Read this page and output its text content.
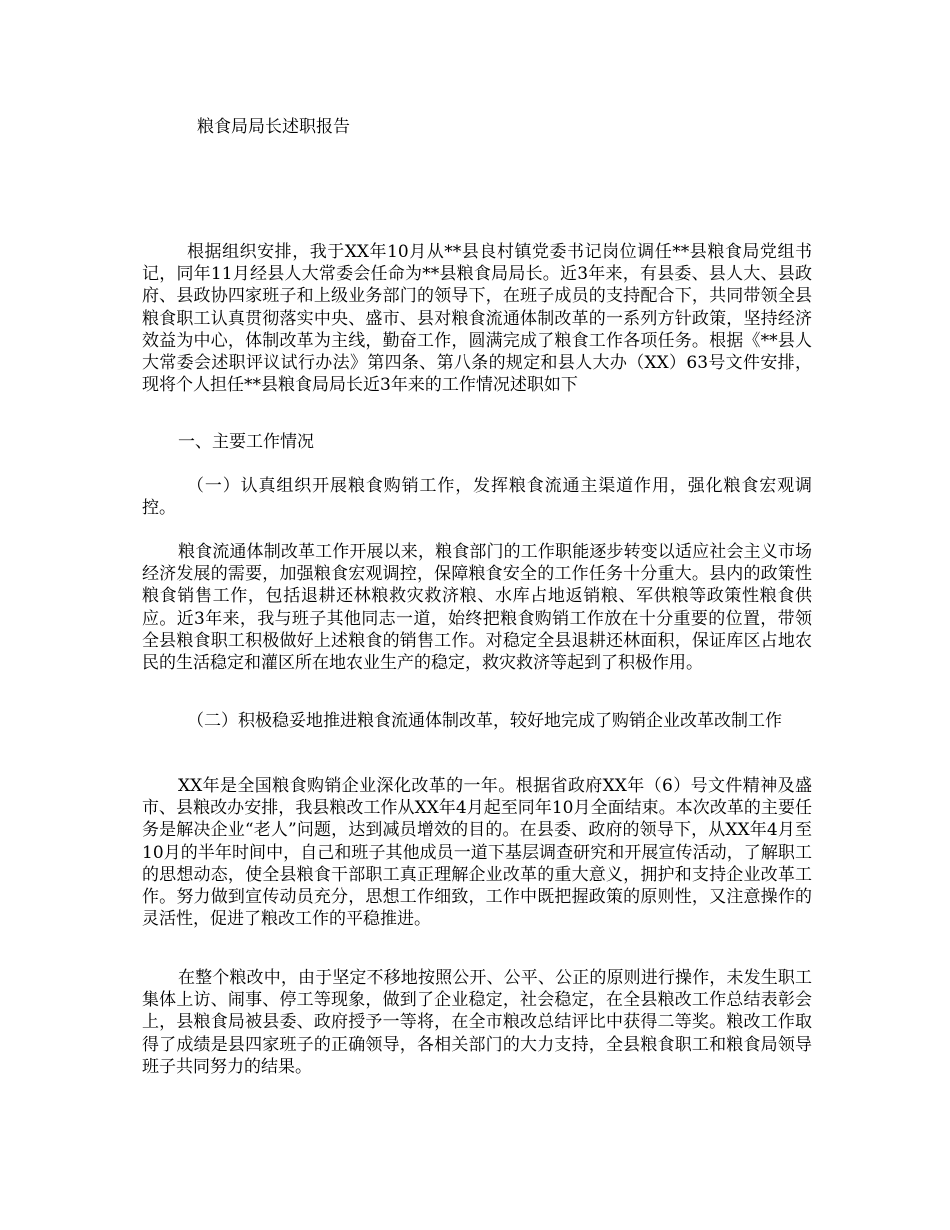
粮食局局长述职报告
根据组织安排，我于XX年10月从**县良村镇党委书记岗位调任**县粮食局党组书记，同年11月经县人大常委会任命为**县粮食局局长。近3年来，有县委、县人大、县政府、县政协四家班子和上级业务部门的领导下，在班子成员的支持配合下，共同带领全县粮食职工认真贯彻落实中央、盛市、县对粮食流通体制改革的一系列方针政策，坚持经济效益为中心，体制改革为主线，勤奋工作，圆满完成了粮食工作各项任务。根据《**县人大常委会述职评议试行办法》第四条、第八条的规定和县人大办（XX）63号文件安排，现将个人担任**县粮食局局长近3年来的工作情况述职如下
一、主要工作情况
（一）认真组织开展粮食购销工作，发挥粮食流通主渠道作用，强化粮食宏观调控。
粮食流通体制改革工作开展以来，粮食部门的工作职能逐步转变以适应社会主义市场经济发展的需要，加强粮食宏观调控，保障粮食安全的工作任务十分重大。县内的政策性粮食销售工作，包括退耕还林粮救灾救济粮、水库占地返销粮、军供粮等政策性粮食供应。近3年来，我与班子其他同志一道，始终把粮食购销工作放在十分重要的位置，带领全县粮食职工积极做好上述粮食的销售工作。对稳定全县退耕还林面积，保证库区占地农民的生活稳定和灌区所在地农业生产的稳定，救灾救济等起到了积极作用。
（二）积极稳妥地推进粮食流通体制改革，较好地完成了购销企业改革改制工作
XX年是全国粮食购销企业深化改革的一年。根据省政府XX年（6）号文件精神及盛市、县粮改办安排，我县粮改工作从XX年4月起至同年10月全面结束。本次改革的主要任务是解决企业“老人”问题，达到减员增效的目的。在县委、政府的领导下，从XX年4月至10月的半年时间中，自己和班子其他成员一道下基层调查研究和开展宣传活动，了解职工的思想动态，使全县粮食干部职工真正理解企业改革的重大意义，拥护和支持企业改革工作。努力做到宣传动员充分，思想工作细致，工作中既把握政策的原则性，又注意操作的灵活性，促进了粮改工作的平稳推进。
在整个粮改中，由于坚定不移地按照公开、公平、公正的原则进行操作，未发生职工集体上访、闹事、停工等现象，做到了企业稳定，社会稳定，在全县粮改工作总结表彰会上，县粮食局被县委、政府授予一等将，在全市粮改总结评比中获得二等奖。粮改工作取得了成绩是县四家班子的正确领导，各相关部门的大力支持，全县粮食职工和粮食局领导班子共同努力的结果。
